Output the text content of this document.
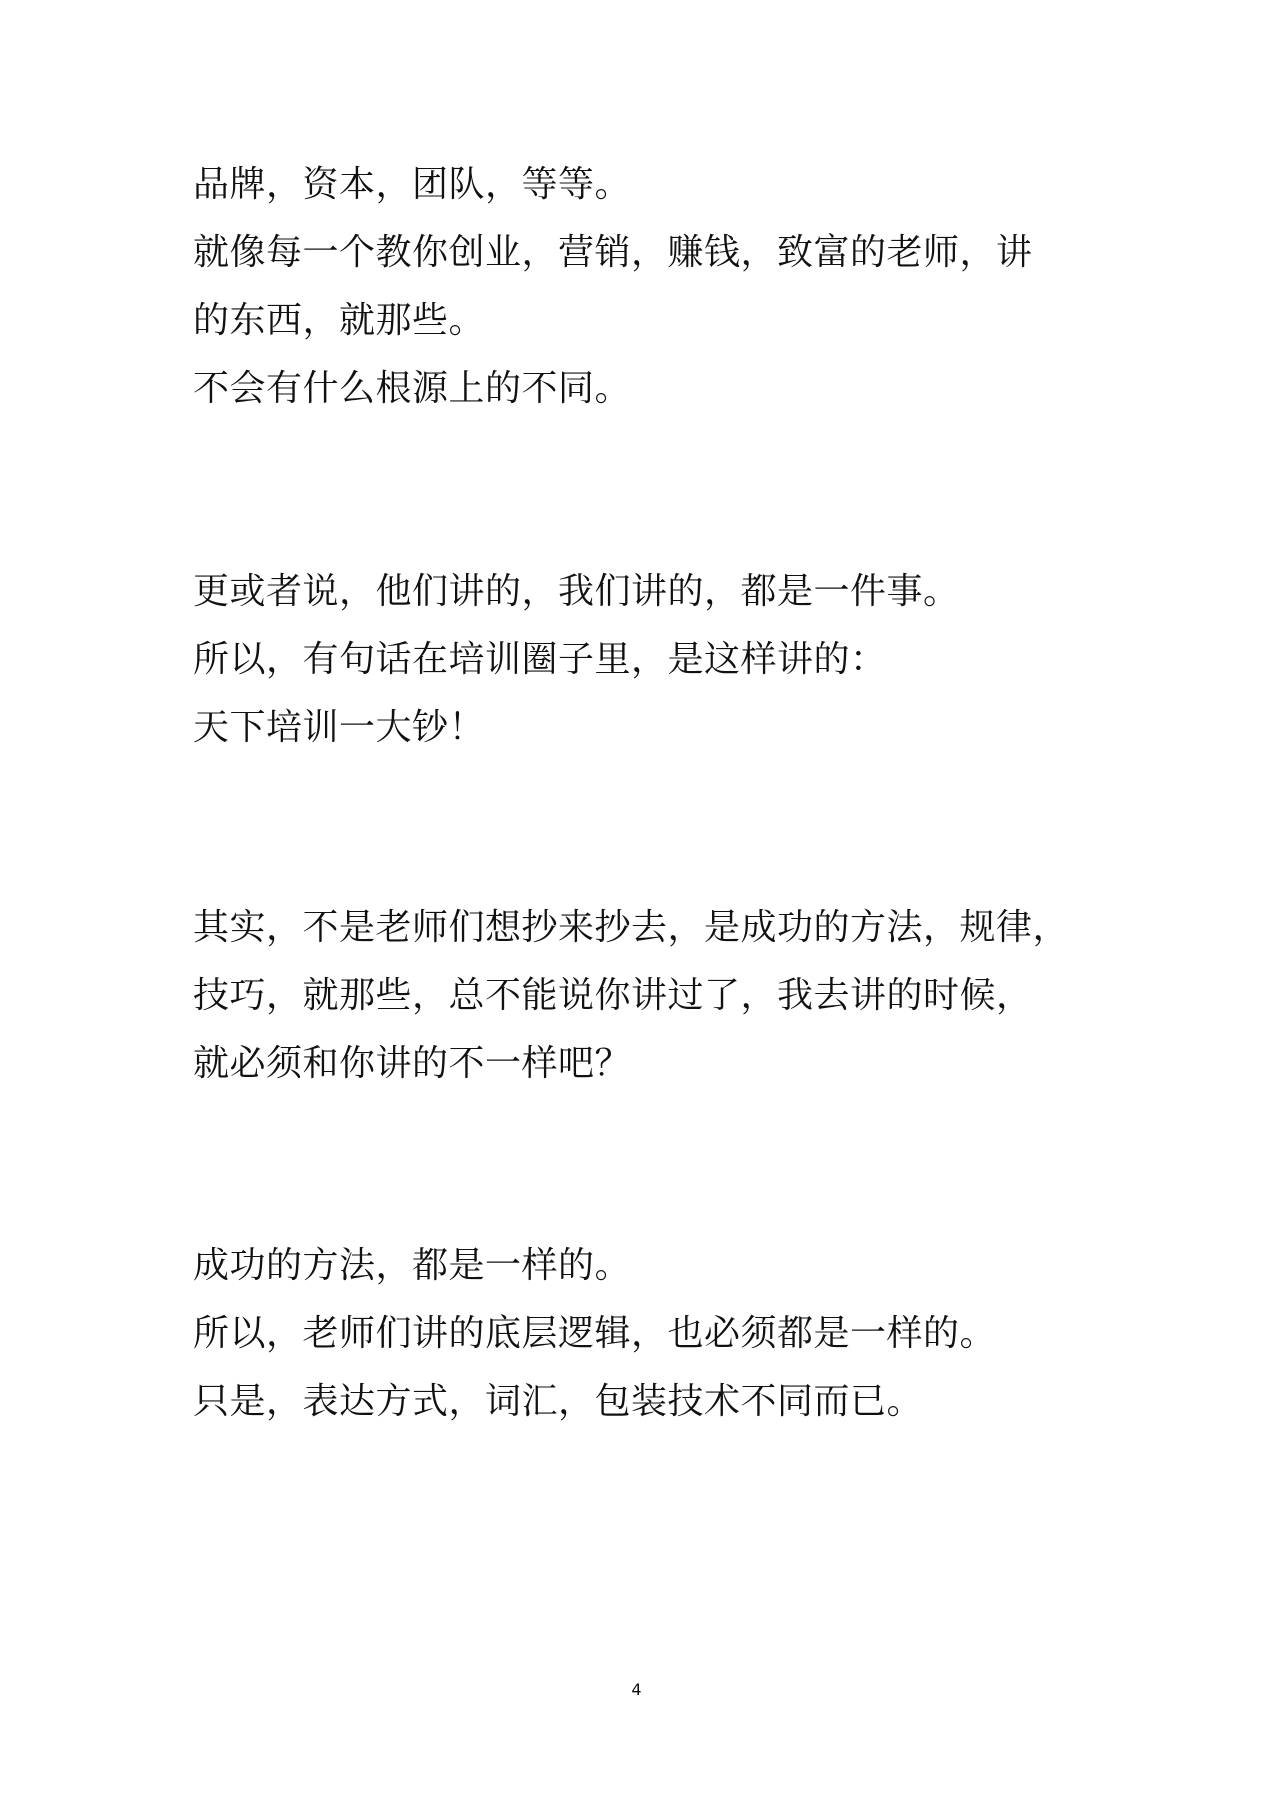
品牌，资本，团队，等等。
就像每一个教你创业，营销，赚钱，致富的老师，讲
的东西，就那些。
不会有什么根源上的不同。
更或者说，他们讲的，我们讲的，都是一件事。
所以，有句话在培训圈子里，是这样讲的：
天下培训一大钞！
其实，不是老师们想抄来抄去，是成功的方法，规律，
技巧，就那些，总不能说你讲过了，我去讲的时候，
就必须和你讲的不一样吧？
成功的方法，都是一样的。
所以，老师们讲的底层逻辑，也必须都是一样的。
只是，表达方式，词汇，包装技术不同而已。
4
